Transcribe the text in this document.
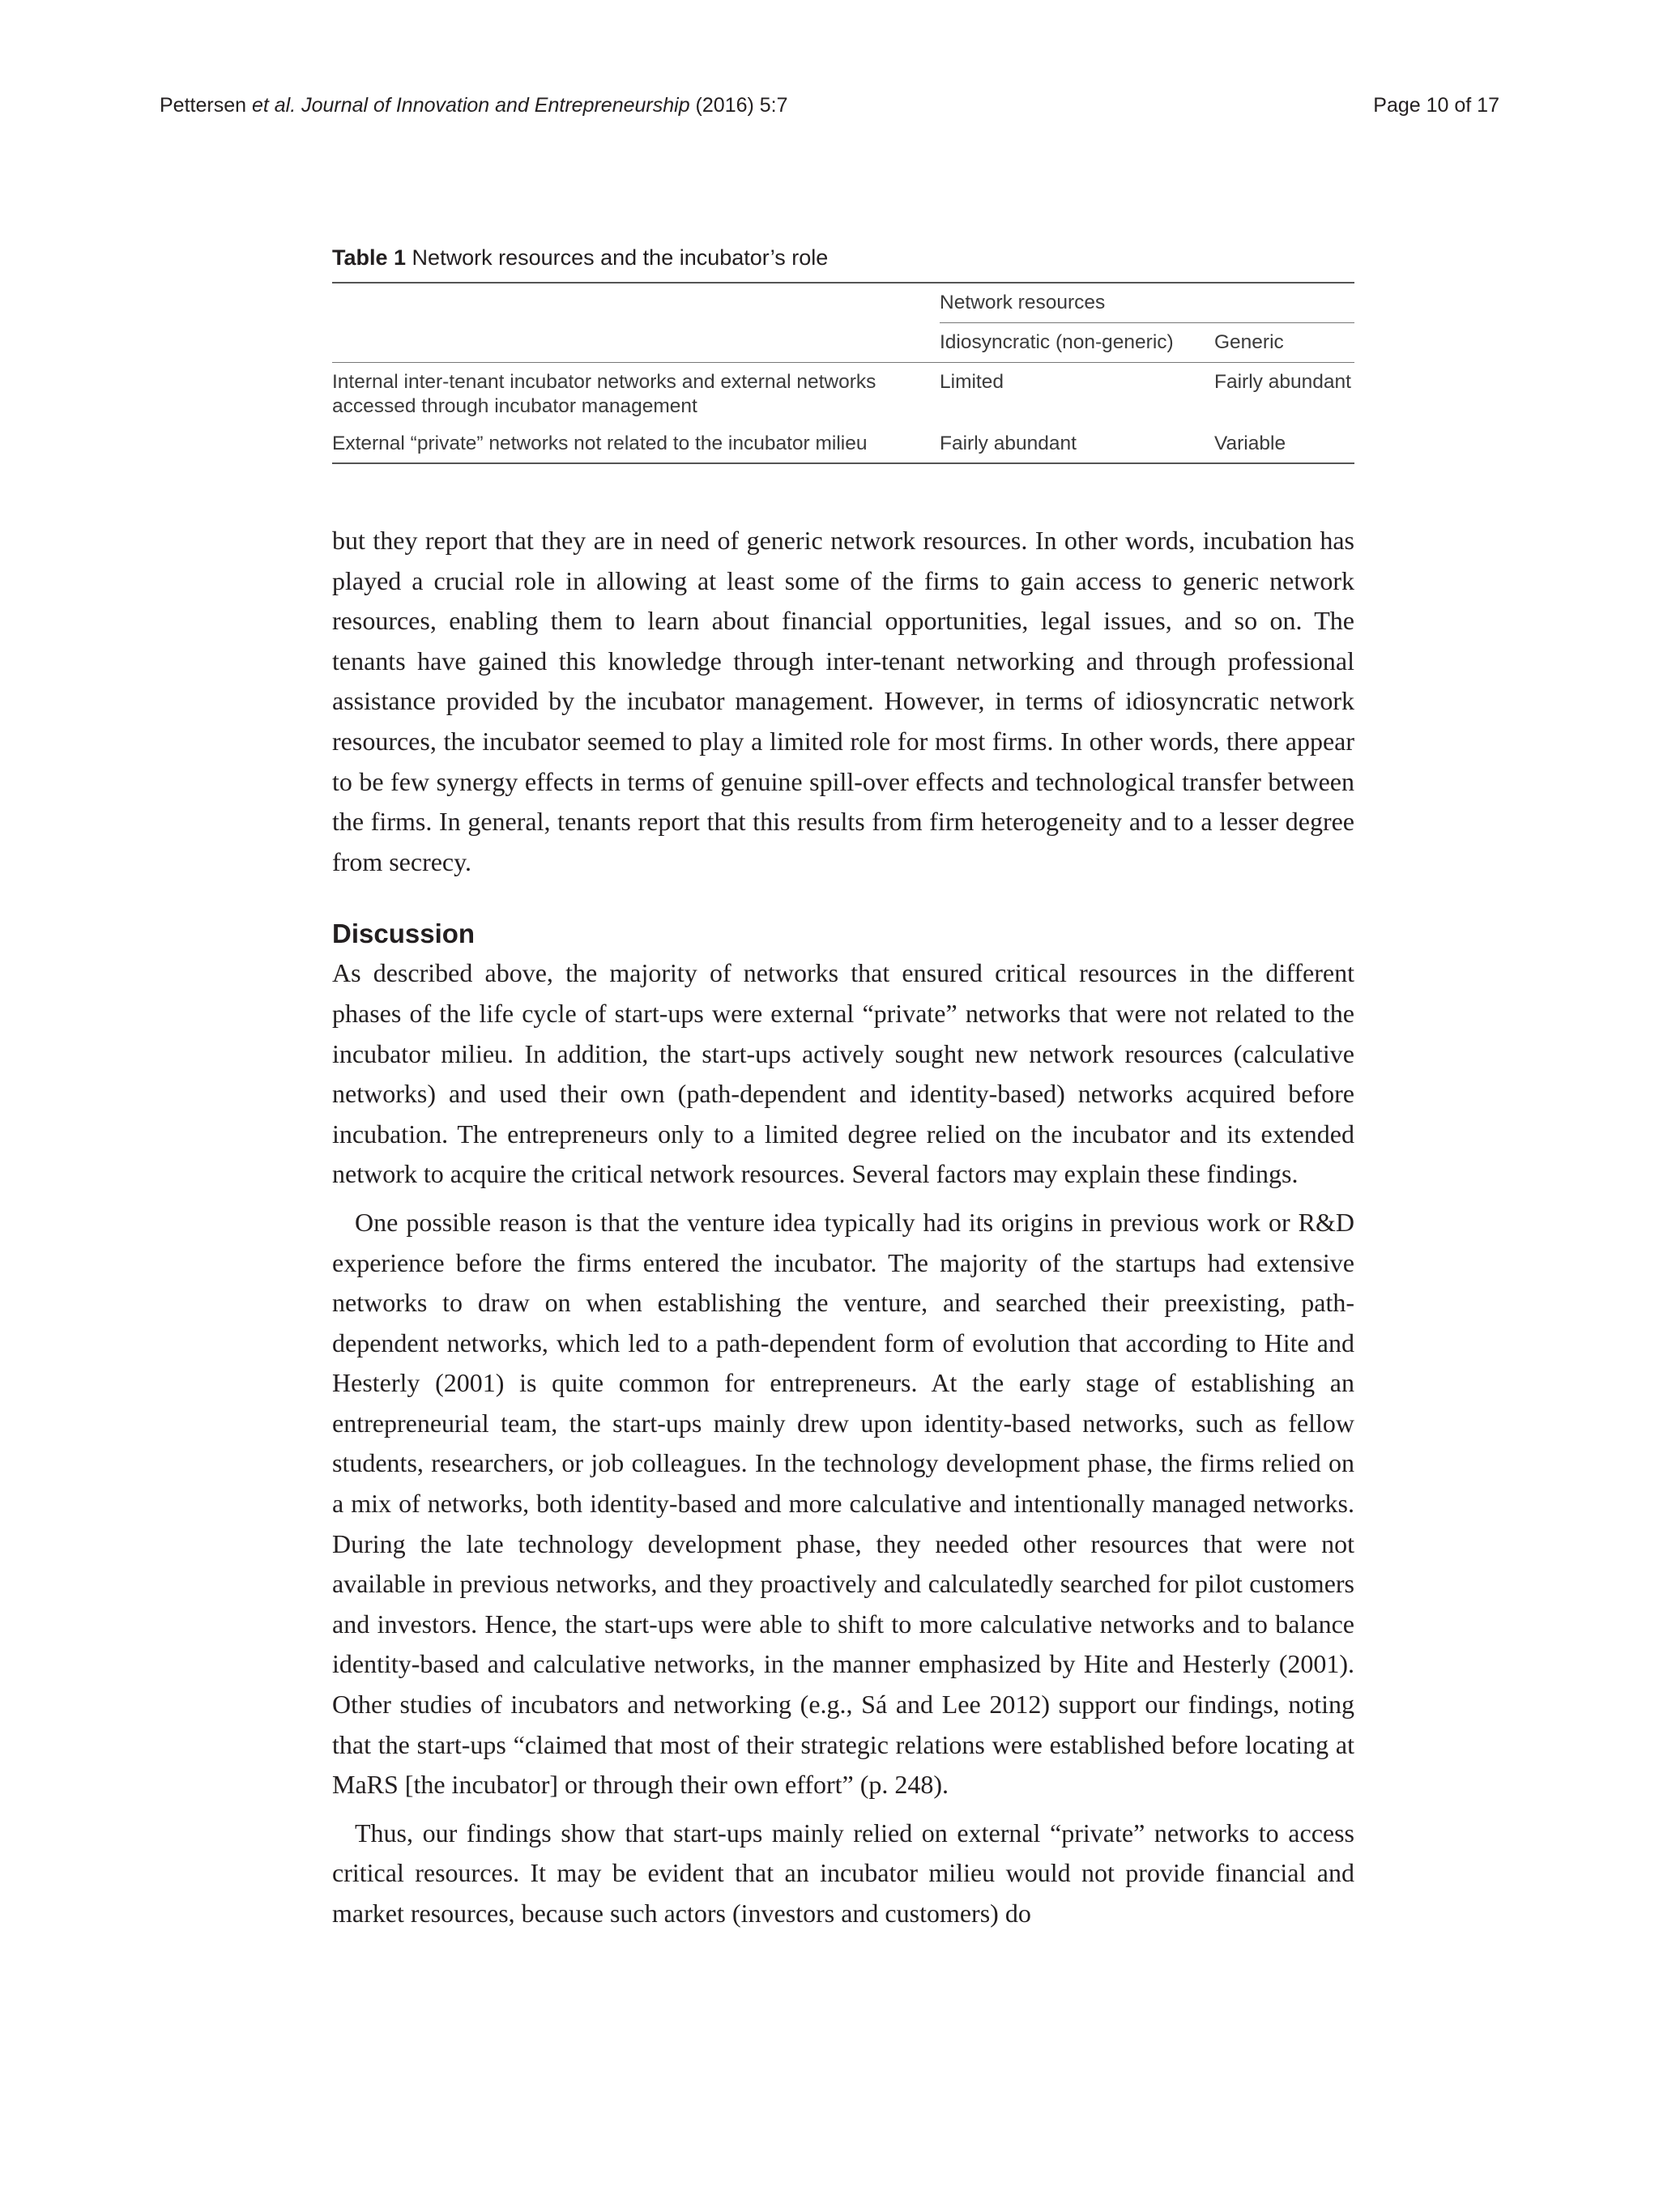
Pettersen et al. Journal of Innovation and Entrepreneurship (2016) 5:7	Page 10 of 17
Table 1 Network resources and the incubator’s role
	Network resources	
	Idiosyncratic (non-generic)	Generic
Internal inter-tenant incubator networks and external networks accessed through incubator management	Limited	Fairly abundant
External “private” networks not related to the incubator milieu	Fairly abundant	Variable

but they report that they are in need of generic network resources. In other words, incubation has played a crucial role in allowing at least some of the firms to gain access to generic network resources, enabling them to learn about financial opportunities, legal issues, and so on. The tenants have gained this knowledge through inter-tenant networking and through professional assistance provided by the incubator management. However, in terms of idiosyncratic network resources, the incubator seemed to play a limited role for most firms. In other words, there appear to be few synergy effects in terms of genuine spill-over effects and technological transfer between the firms. In general, tenants report that this results from firm heterogeneity and to a lesser degree from secrecy.

Discussion

As described above, the majority of networks that ensured critical resources in the different phases of the life cycle of start-ups were external “private” networks that were not related to the incubator milieu. In addition, the start-ups actively sought new network resources (calculative networks) and used their own (path-dependent and identity-based) networks acquired before incubation. The entrepreneurs only to a limited degree relied on the incubator and its extended network to acquire the critical network resources. Several factors may explain these findings.

One possible reason is that the venture idea typically had its origins in previous work or R&D experience before the firms entered the incubator. The majority of the startups had extensive networks to draw on when establishing the venture, and searched their preexisting, path-dependent networks, which led to a path-dependent form of evolution that according to Hite and Hesterly (2001) is quite common for entrepreneurs. At the early stage of establishing an entrepreneurial team, the start-ups mainly drew upon identity-based networks, such as fellow students, researchers, or job colleagues. In the technology development phase, the firms relied on a mix of networks, both identity-based and more calculative and intentionally managed networks. During the late technology development phase, they needed other resources that were not available in previous networks, and they proactively and calculatedly searched for pilot customers and investors. Hence, the start-ups were able to shift to more calculative networks and to balance identity-based and calculative networks, in the manner emphasized by Hite and Hesterly (2001). Other studies of incubators and networking (e.g., Sá and Lee 2012) support our findings, noting that the start-ups “claimed that most of their strategic relations were established before locating at MaRS [the incubator] or through their own effort” (p. 248).

Thus, our findings show that start-ups mainly relied on external “private” networks to access critical resources. It may be evident that an incubator milieu would not provide financial and market resources, because such actors (investors and customers) do
